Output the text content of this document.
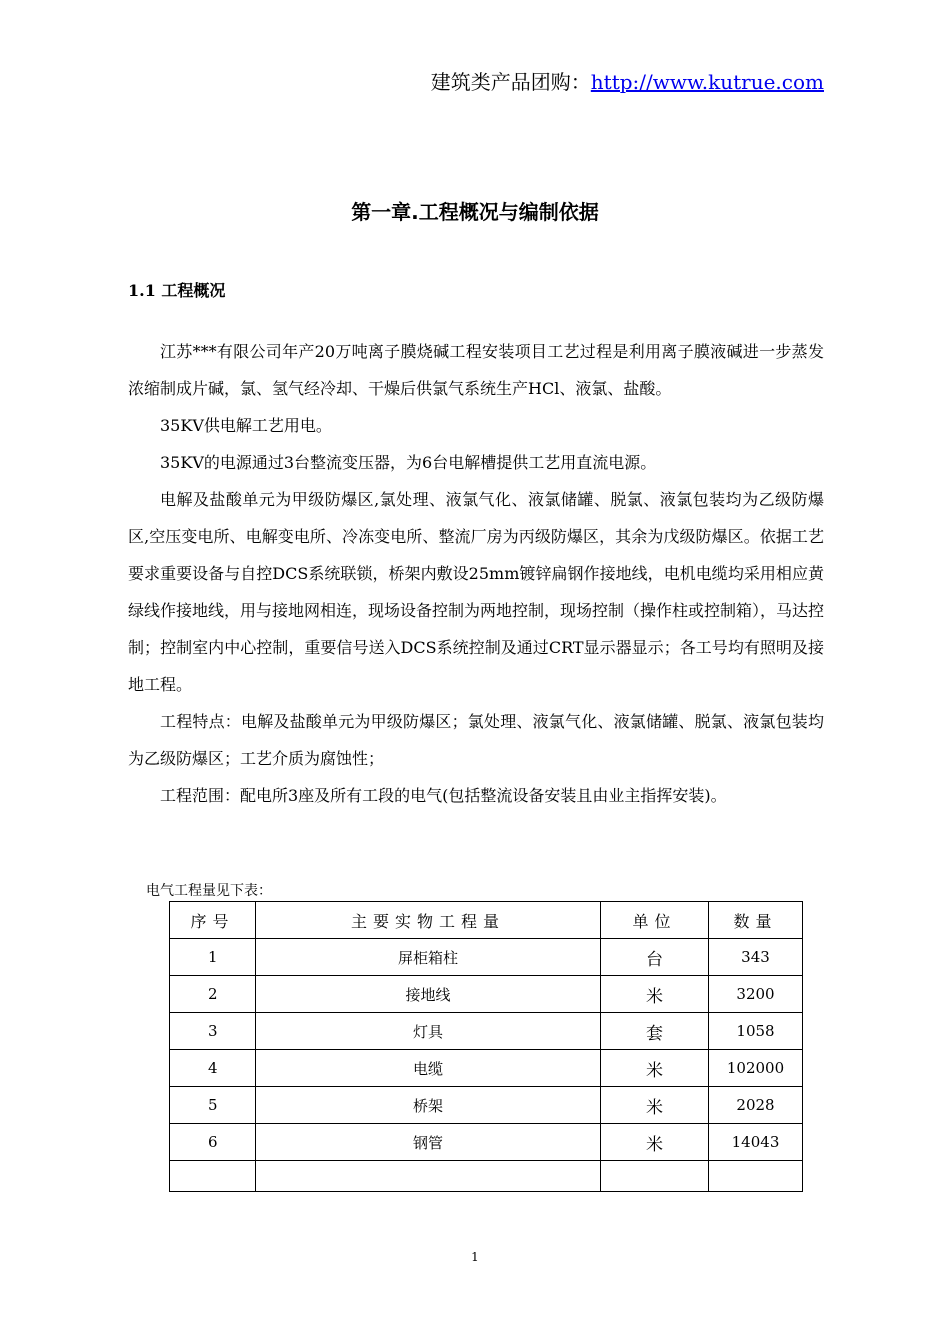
建筑类产品团购：http://www.kutrue.com
第一章.工程概况与编制依据
1.1 工程概况

江苏***有限公司年产20万吨离子膜烧碱工程安装项目工艺过程是利用离子膜液碱进一步蒸发浓缩制成片碱，氯、氢气经冷却、干燥后供氯气系统生产HCl、液氯、盐酸。

35KV供电解工艺用电。

35KV的电源通过3台整流变压器，为6台电解槽提供工艺用直流电源。

电解及盐酸单元为甲级防爆区,氯处理、液氯气化、液氯储罐、脱氯、液氯包装均为乙级防爆区,空压变电所、电解变电所、冷冻变电所、整流厂房为丙级防爆区，其余为戊级防爆区。依据工艺要求重要设备与自控DCS系统联锁，桥架内敷设25mm镀锌扁钢作接地线，电机电缆均采用相应黄绿线作接地线，用与接地网相连，现场设备控制为两地控制，现场控制（操作柱或控制箱），马达控制；控制室内中心控制，重要信号送入DCS系统控制及通过CRT显示器显示；各工号均有照明及接地工程。

工程特点：电解及盐酸单元为甲级防爆区；氯处理、液氯气化、液氯储罐、脱氯、液氯包装均为乙级防爆区；工艺介质为腐蚀性；

工程范围：配电所3座及所有工段的电气(包括整流设备安装且由业主指挥安装)。

电气工程量见下表：
序号	主要实物工程量	单位	数量
1	屏柜箱柱	台	343
2	接地线	米	3200
3	灯具	套	1058
4	电缆	米	102000
5	桥架	米	2028
6	钢管	米	14043

1
